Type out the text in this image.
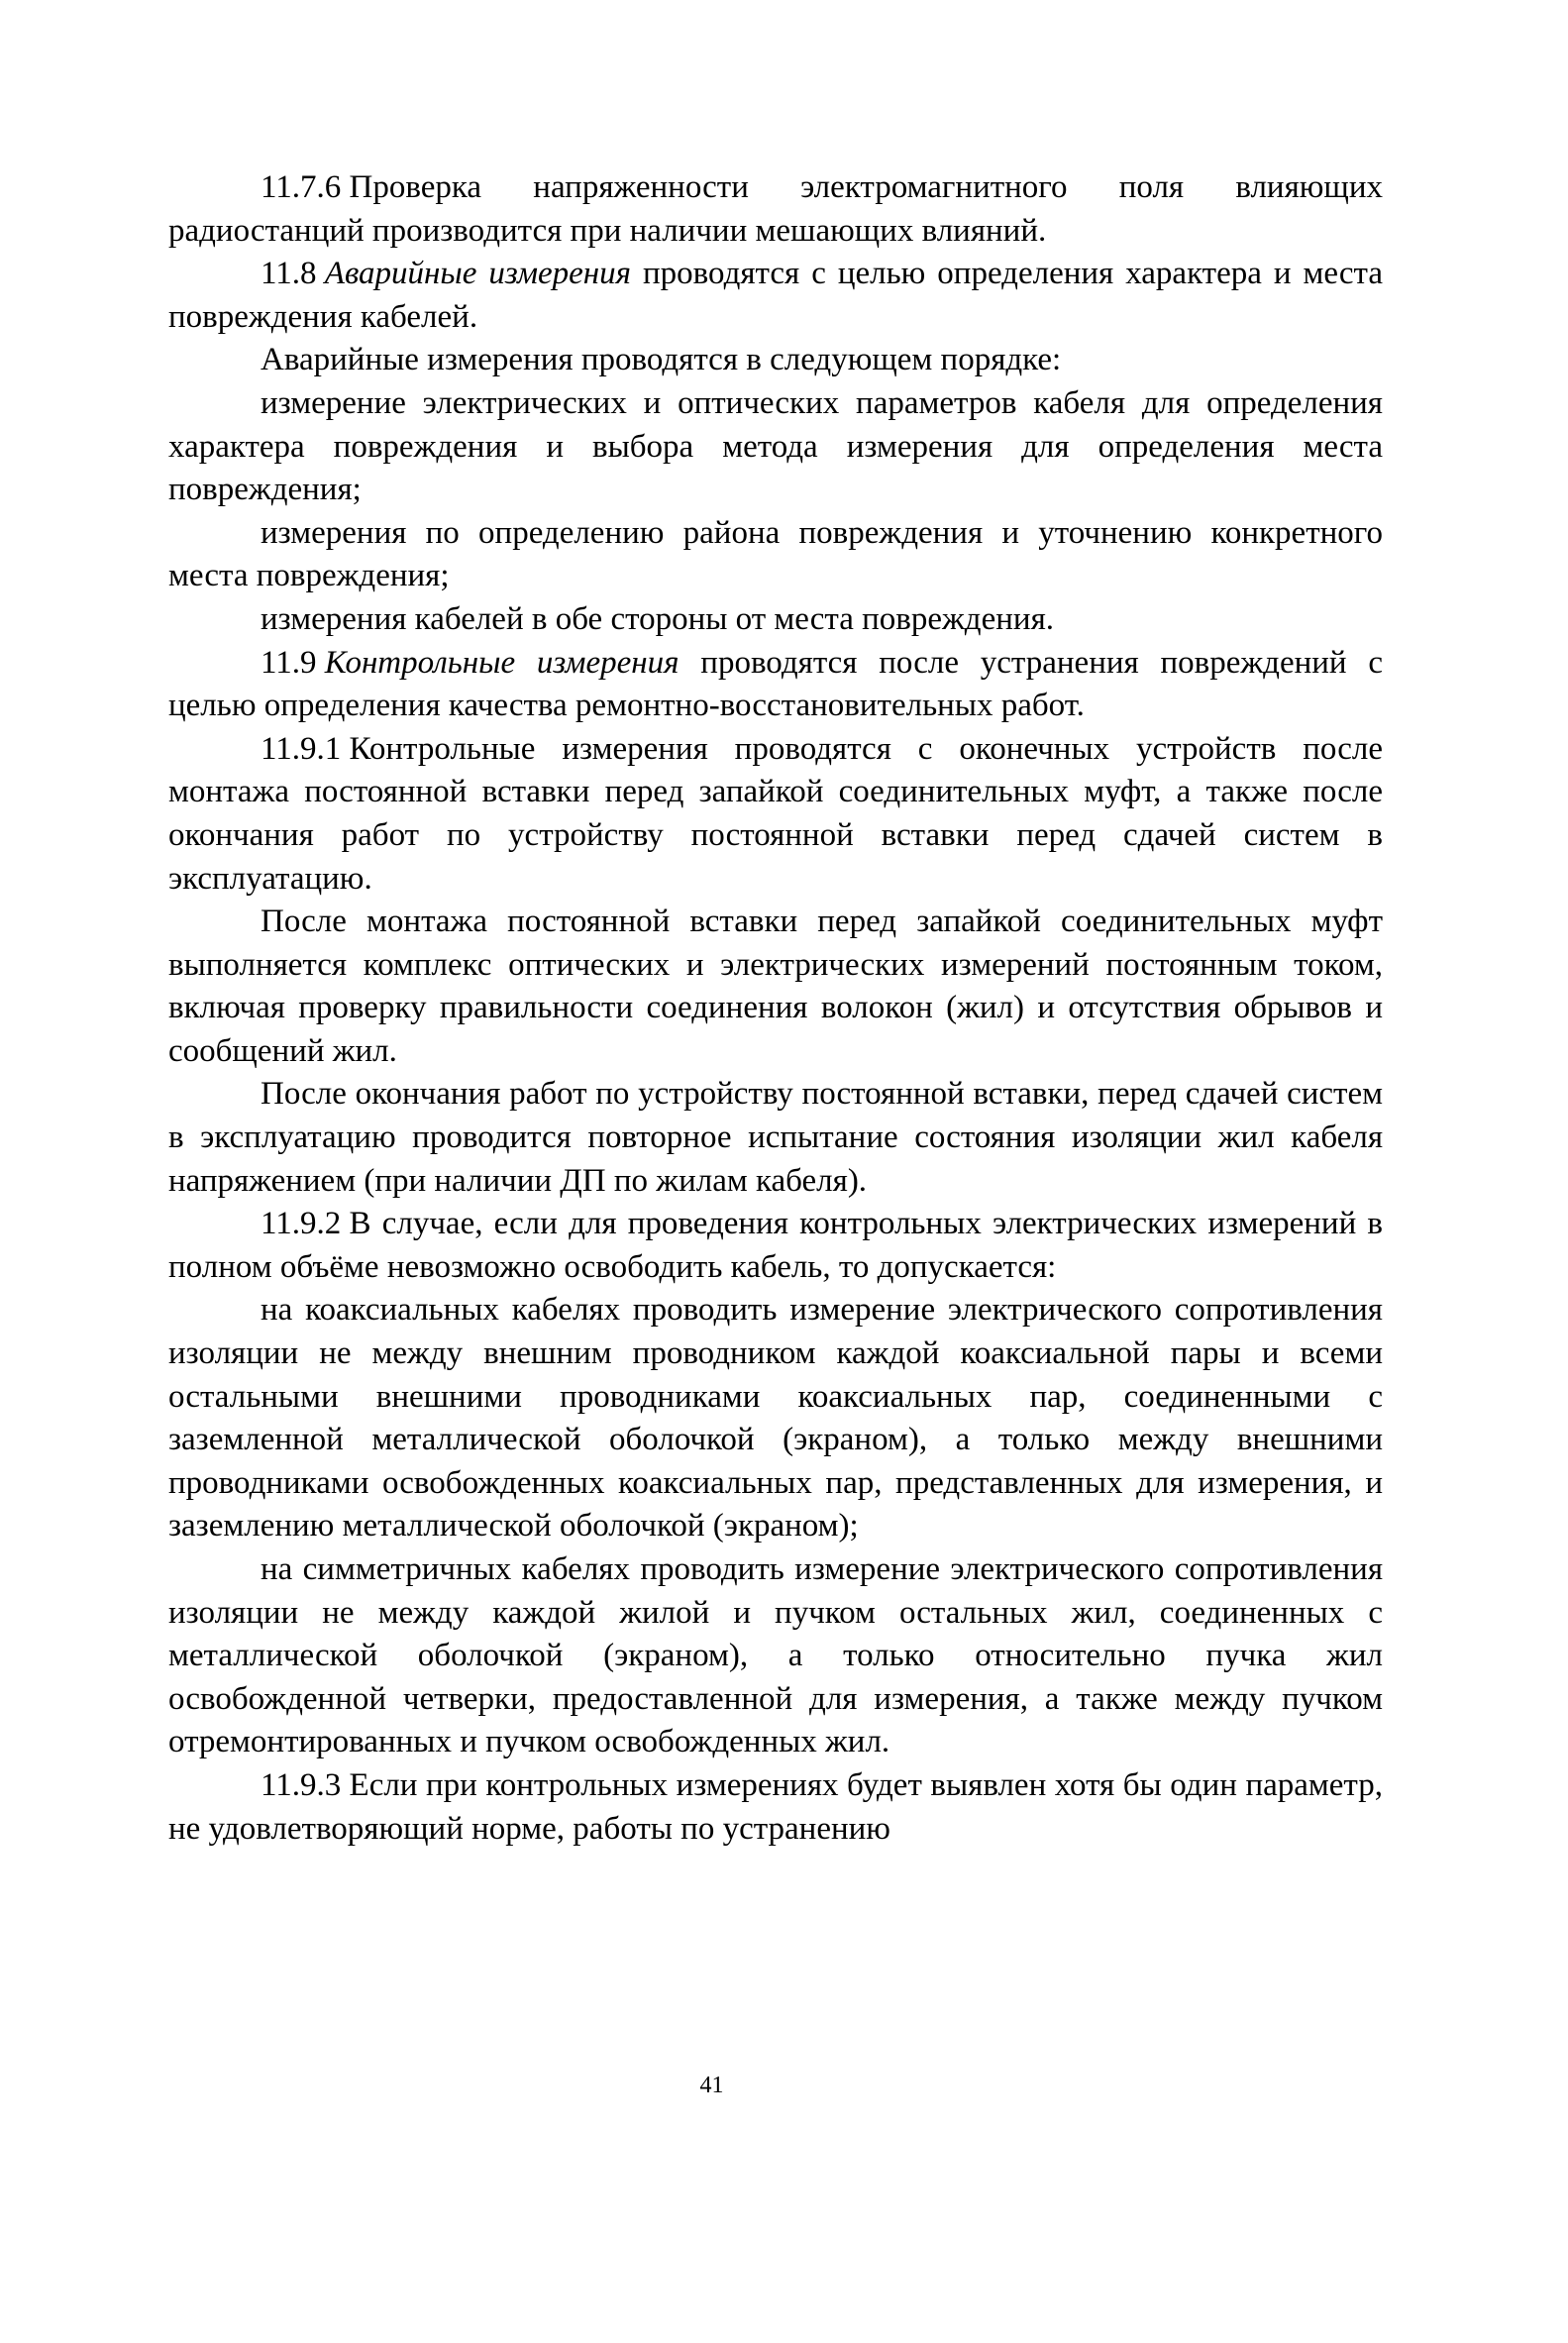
11.7.6 Проверка напряженности электромагнитного поля влияющих радиостанций производится при наличии мешающих влияний.

11.8 Аварийные измерения проводятся с целью определения характера и места повреждения кабелей.

Аварийные измерения проводятся в следующем порядке:

измерение электрических и оптических параметров кабеля для определения характера повреждения и выбора метода измерения для определения места повреждения;

измерения по определению района повреждения и уточнению конкретного места повреждения;

измерения кабелей в обе стороны от места повреждения.

11.9 Контрольные измерения проводятся после устранения повреждений с целью определения качества ремонтно-восстановительных работ.

11.9.1 Контрольные измерения проводятся с оконечных устройств после монтажа постоянной вставки перед запайкой соединительных муфт, а также после окончания работ по устройству постоянной вставки перед сдачей систем в эксплуатацию.

После монтажа постоянной вставки перед запайкой соединительных муфт выполняется комплекс оптических и электрических измерений постоянным током, включая проверку правильности соединения волокон (жил) и отсутствия обрывов и сообщений жил.

После окончания работ по устройству постоянной вставки, перед сдачей систем в эксплуатацию проводится повторное испытание состояния изоляции жил кабеля напряжением (при наличии ДП по жилам кабеля).

11.9.2 В случае, если для проведения контрольных электрических измерений в полном объёме невозможно освободить кабель, то допускается:

на коаксиальных кабелях проводить измерение электрического сопротивления изоляции не между внешним проводником каждой коаксиальной пары и всеми остальными внешними проводниками коаксиальных пар, соединенными с заземленной металлической оболочкой (экраном), а только между внешними проводниками освобожденных коаксиальных пар, представленных для измерения, и заземлению металлической оболочкой (экраном);

на симметричных кабелях проводить измерение электрического сопротивления изоляции не между каждой жилой и пучком остальных жил, соединенных с металлической оболочкой (экраном), а только относительно пучка жил освобожденной четверки, предоставленной для измерения, а также между пучком отремонтированных и пучком освобожденных жил.

11.9.3 Если при контрольных измерениях будет выявлен хотя бы один параметр, не удовлетворяющий норме, работы по устранению

41
